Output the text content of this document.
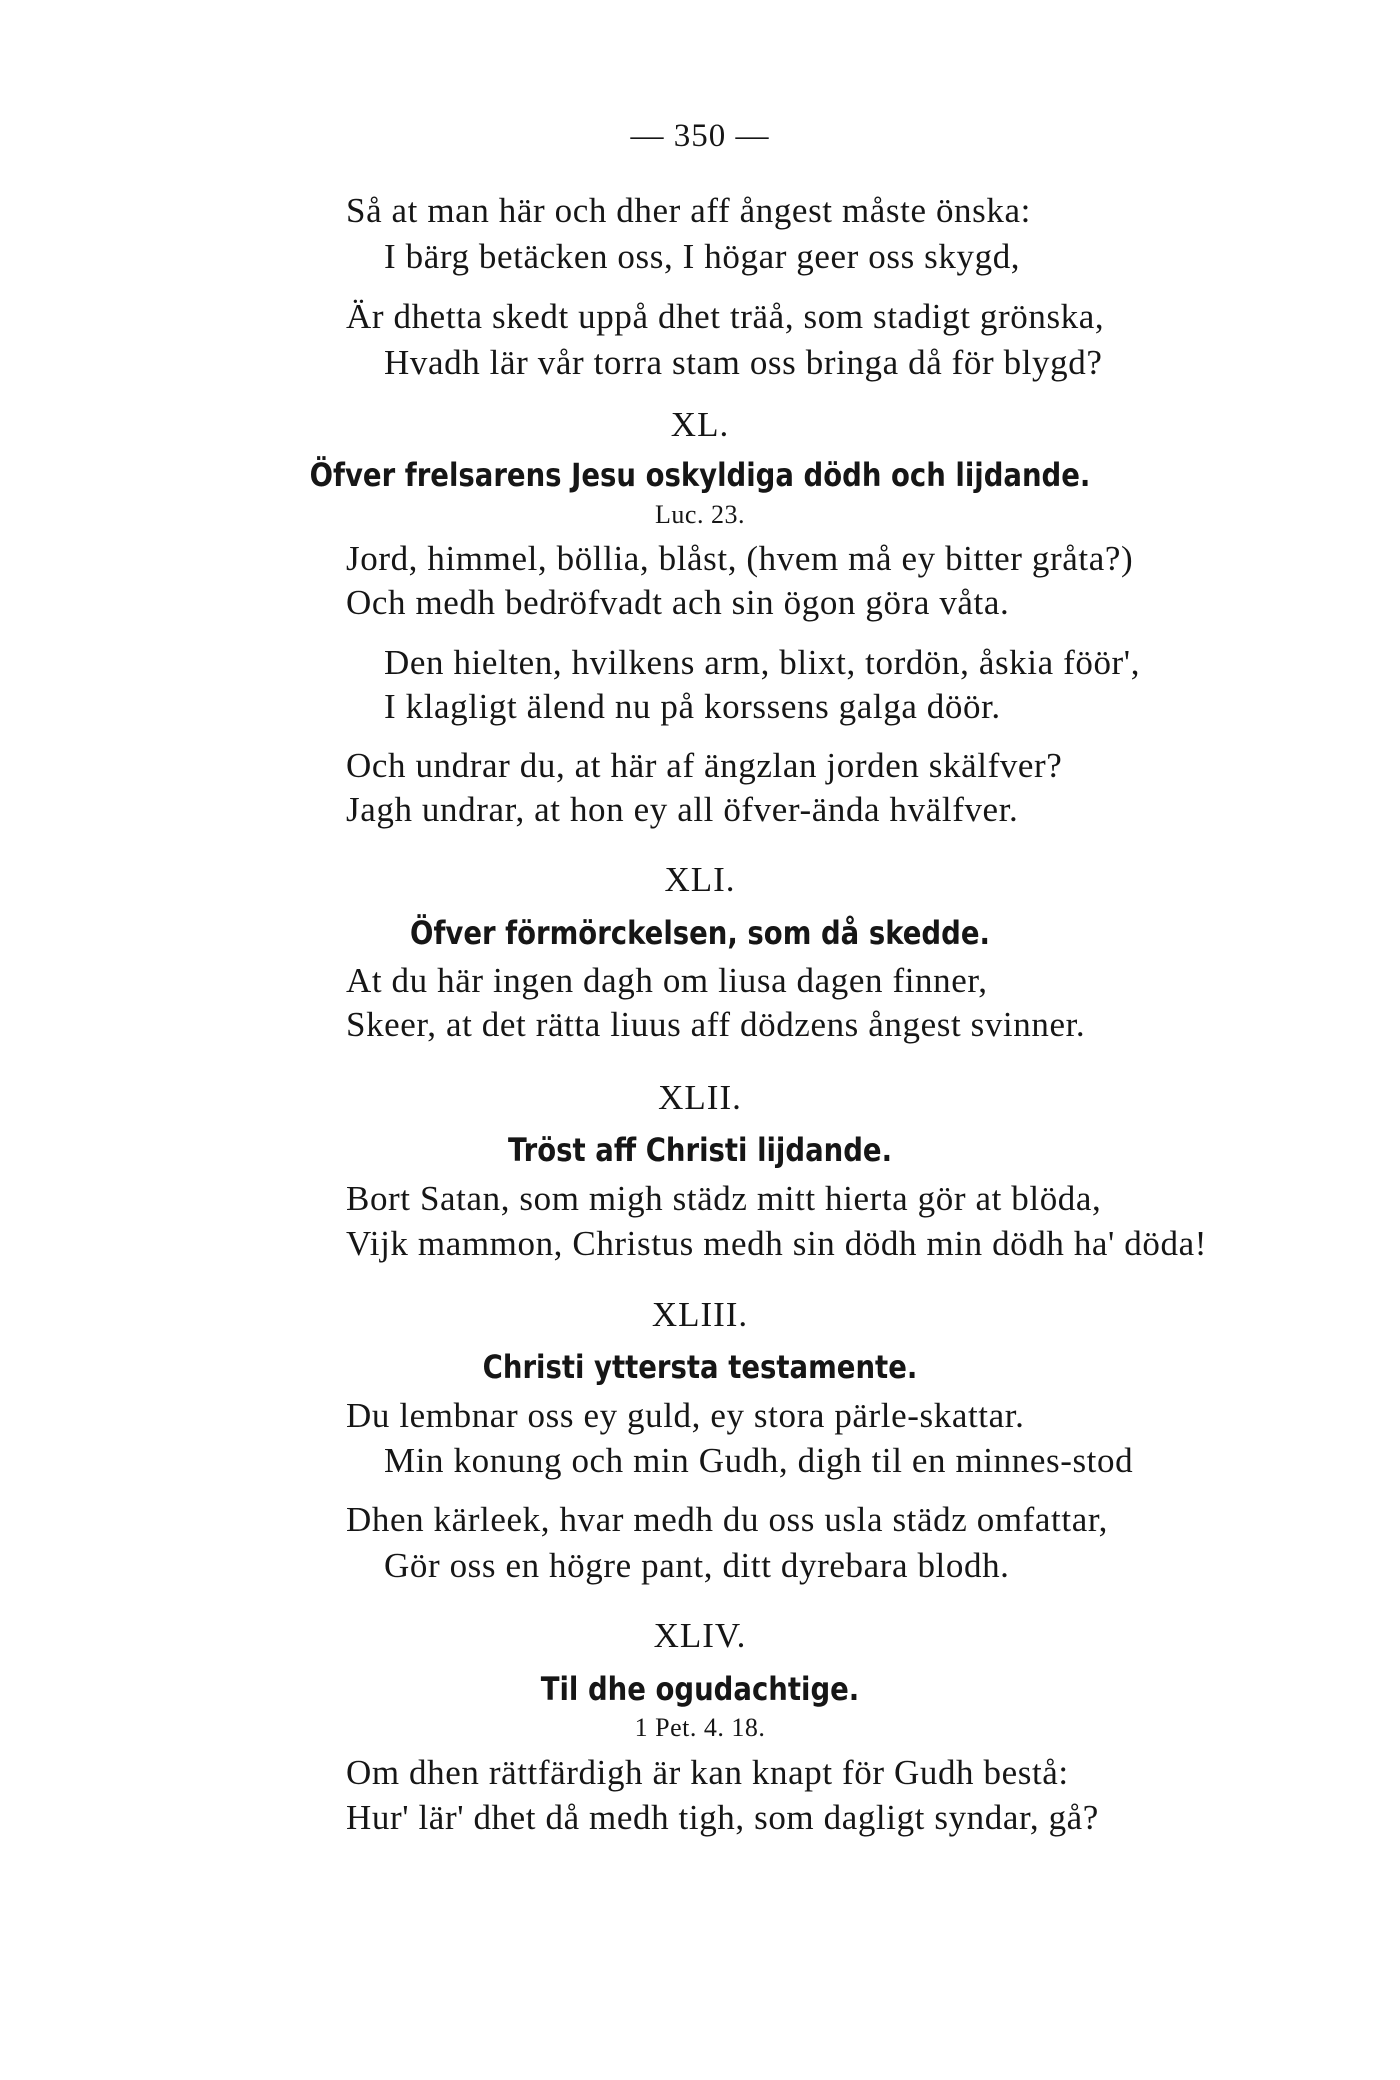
— 350 —
Så at man här och dher aff ångest måste önska:
I bärg betäcken oss, I högar geer oss skygd,
Är dhetta skedt uppå dhet träå, som stadigt grönska,
Hvadh lär vår torra stam oss bringa då för blygd?
XL.
Öfver frelsarens Jesu oskyldiga dödh och lijdande.
Luc. 23.
Jord, himmel, böllia, blåst, (hvem må ey bitter gråta?)
Och medh bedröfvadt ach sin ögon göra våta.
Den hielten, hvilkens arm, blixt, tordön, åskia föör',
I klagligt älend nu på korssens galga döör.
Och undrar du, at här af ängzlan jorden skälfver?
Jagh undrar, at hon ey all öfver-ända hvälfver.
XLI.
Öfver förmörckelsen, som då skedde.
At du här ingen dagh om liusa dagen finner,
Skeer, at det rätta liuus aff dödzens ångest svinner.
XLII.
Tröst aff Christi lijdande.
Bort Satan, som migh städz mitt hierta gör at blöda,
Vijk mammon, Christus medh sin dödh min dödh ha' döda!
XLIII.
Christi yttersta testamente.
Du lembnar oss ey guld, ey stora pärle-skattar.
Min konung och min Gudh, digh til en minnes-stod
Dhen kärleek, hvar medh du oss usla städz omfattar,
Gör oss en högre pant, ditt dyrebara blodh.
XLIV.
Til dhe ogudachtige.
1 Pet. 4. 18.
Om dhen rättfärdigh är kan knapt för Gudh bestå:
Hur' lär' dhet då medh tigh, som dagligt syndar, gå?
